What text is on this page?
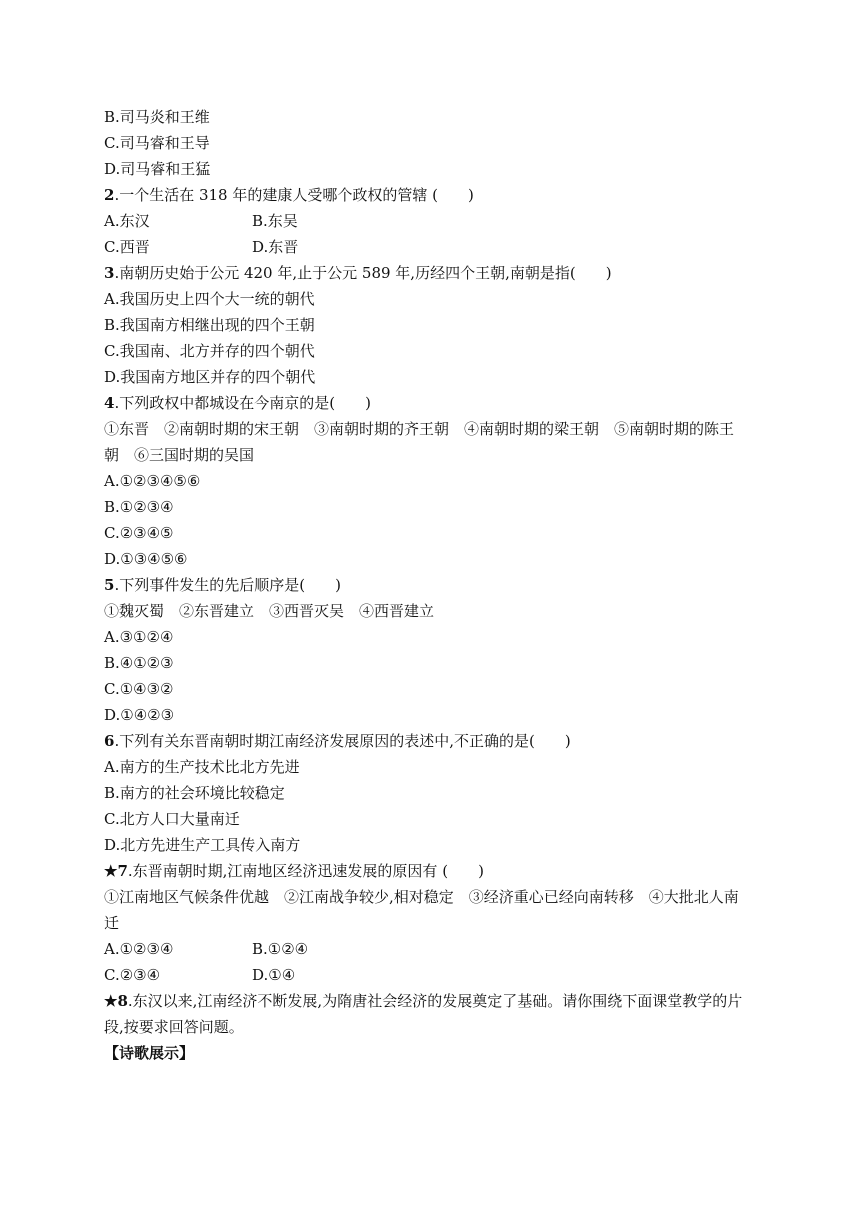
B.司马炎和王维
C.司马睿和王导
D.司马睿和王猛
2.一个生活在 318 年的建康人受哪个政权的管辖 ( )
A.东汉	B.东吴
C.西晋	D.东晋
3.南朝历史始于公元 420 年,止于公元 589 年,历经四个王朝,南朝是指( )
A.我国历史上四个大一统的朝代
B.我国南方相继出现的四个王朝
C.我国南、北方并存的四个朝代
D.我国南方地区并存的四个朝代
4.下列政权中都城设在今南京的是( )
①东晋　②南朝时期的宋王朝　③南朝时期的齐王朝　④南朝时期的梁王朝　⑤南朝时期的陈王
朝　⑥三国时期的吴国
A.①②③④⑤⑥
B.①②③④
C.②③④⑤
D.①③④⑤⑥
5.下列事件发生的先后顺序是( )
①魏灭蜀　②东晋建立　③西晋灭吴　④西晋建立
A.③①②④
B.④①②③
C.①④③②
D.①④②③
6.下列有关东晋南朝时期江南经济发展原因的表述中,不正确的是( )
A.南方的生产技术比北方先进
B.南方的社会环境比较稳定
C.北方人口大量南迁
D.北方先进生产工具传入南方
★7.东晋南朝时期,江南地区经济迅速发展的原因有 ( )
①江南地区气候条件优越　②江南战争较少,相对稳定　③经济重心已经向南转移　④大批北人南
迁
A.①②③④	B.①②④
C.②③④	D.①④
★8.东汉以来,江南经济不断发展,为隋唐社会经济的发展奠定了基础。请你围绕下面课堂教学的片
段,按要求回答问题。
【诗歌展示】
